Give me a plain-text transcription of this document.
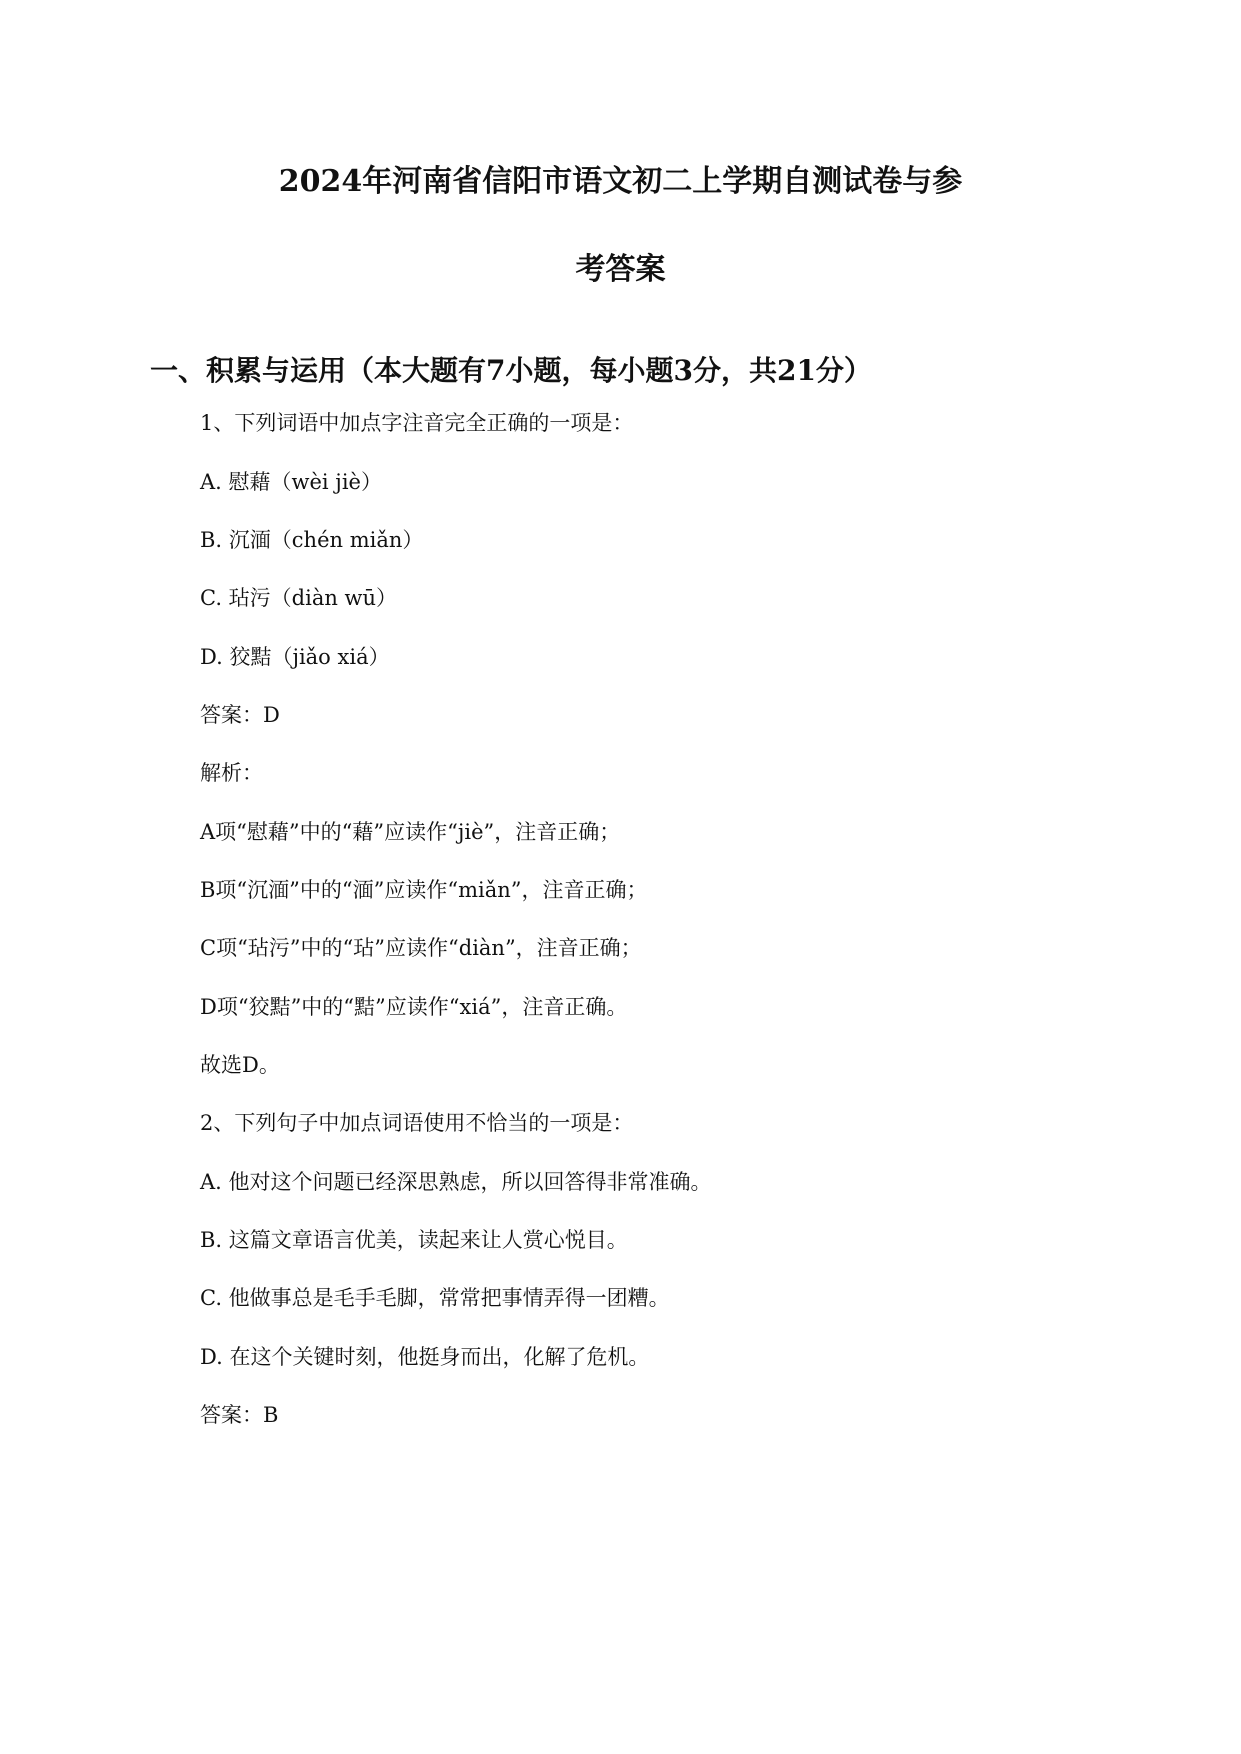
2024年河南省信阳市语文初二上学期自测试卷与参
考答案
一、积累与运用（本大题有7小题，每小题3分，共21分）
1、下列词语中加点字注音完全正确的一项是：
A. 慰藉（wèi jiè）
B. 沉湎（chén miǎn）
C. 玷污（diàn wū）
D. 狡黠（jiǎo xiá）
答案：D
解析：
A项“慰藉”中的“藉”应读作“jiè”，注音正确；
B项“沉湎”中的“湎”应读作“miǎn”，注音正确；
C项“玷污”中的“玷”应读作“diàn”，注音正确；
D项“狡黠”中的“黠”应读作“xiá”，注音正确。
故选D。
2、下列句子中加点词语使用不恰当的一项是：
A. 他对这个问题已经深思熟虑，所以回答得非常准确。
B. 这篇文章语言优美，读起来让人赏心悦目。
C. 他做事总是毛手毛脚，常常把事情弄得一团糟。
D. 在这个关键时刻，他挺身而出，化解了危机。
答案：B
